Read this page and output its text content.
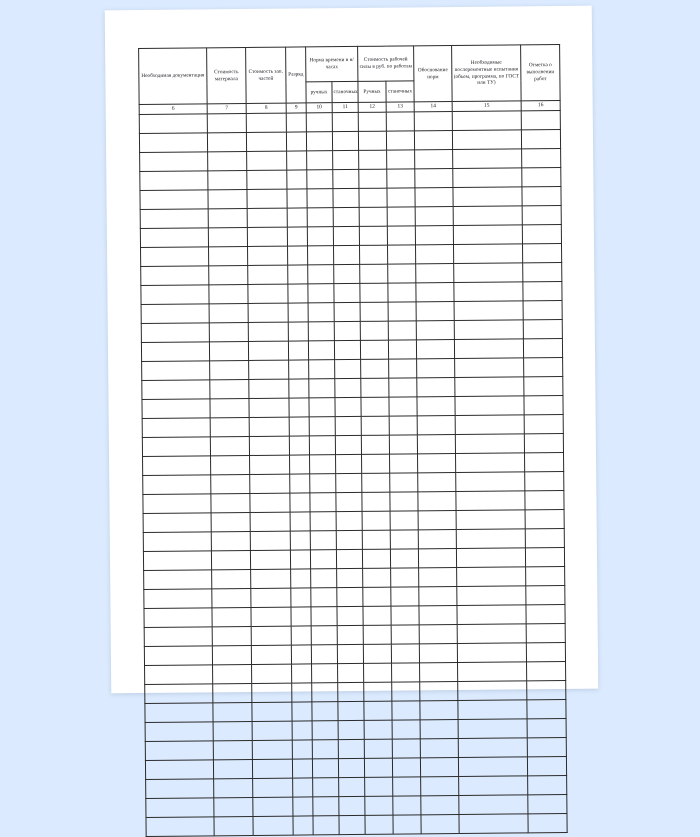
Необходимая документация	Стоимость материала	Стоимость зап. частей	Разряд	Норма времени в н/часах		Стоимость рабочей силы в руб. по работам		Обоснование норм	Необходимые послеремонтные испытания (объем, программа, по ГОСТ или ТУ)	Отметка о выполнении работ

				ручных	станочных	Ручных	станочных			

6	7	8	9	10	11	12	13	14	15	16
